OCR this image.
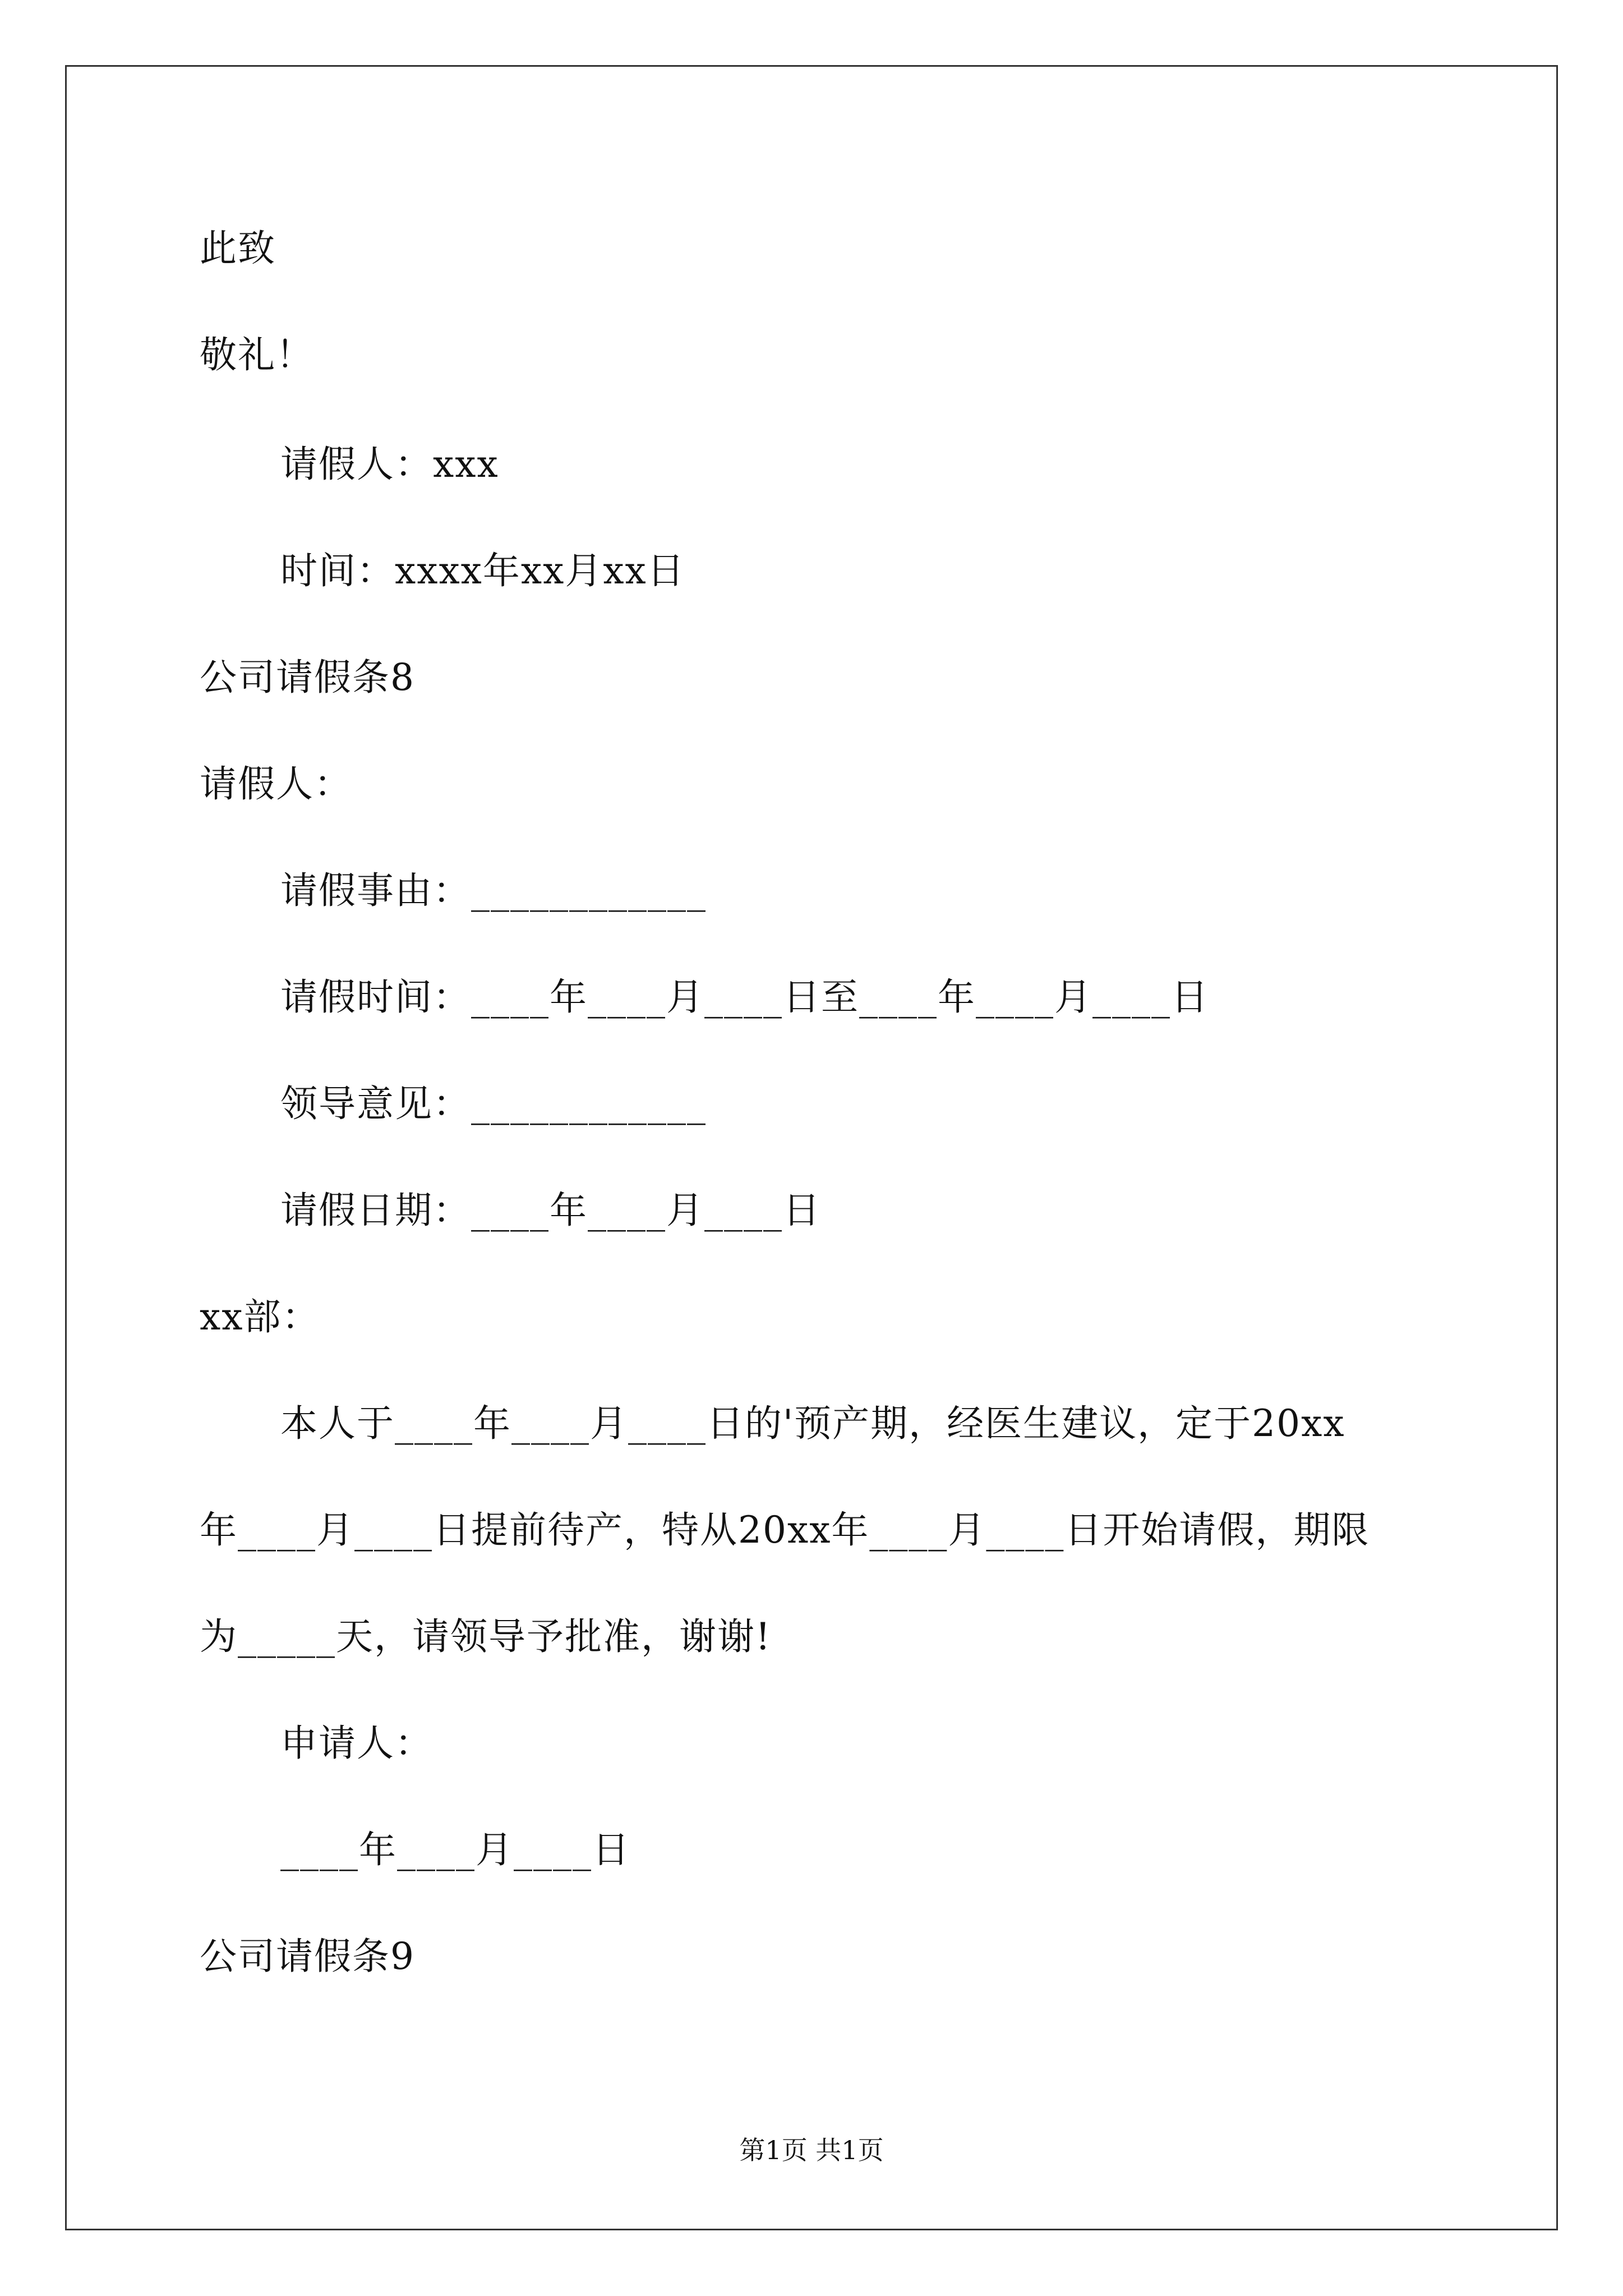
此致
敬礼！
请假人：xxx
时间：xxxx年xx月xx日
公司请假条8
请假人：
请假事由：____________
请假时间：____年____月____日至____年____月____日
领导意见：____________
请假日期：____年____月____日
xx部：
本人于____年____月____日的'预产期，经医生建议，定于20xx
年____月____日提前待产，特从20xx年____月____日开始请假，期限
为_____天，请领导予批准，谢谢!
申请人：
____年____月____日
公司请假条9
第1页 共1页
